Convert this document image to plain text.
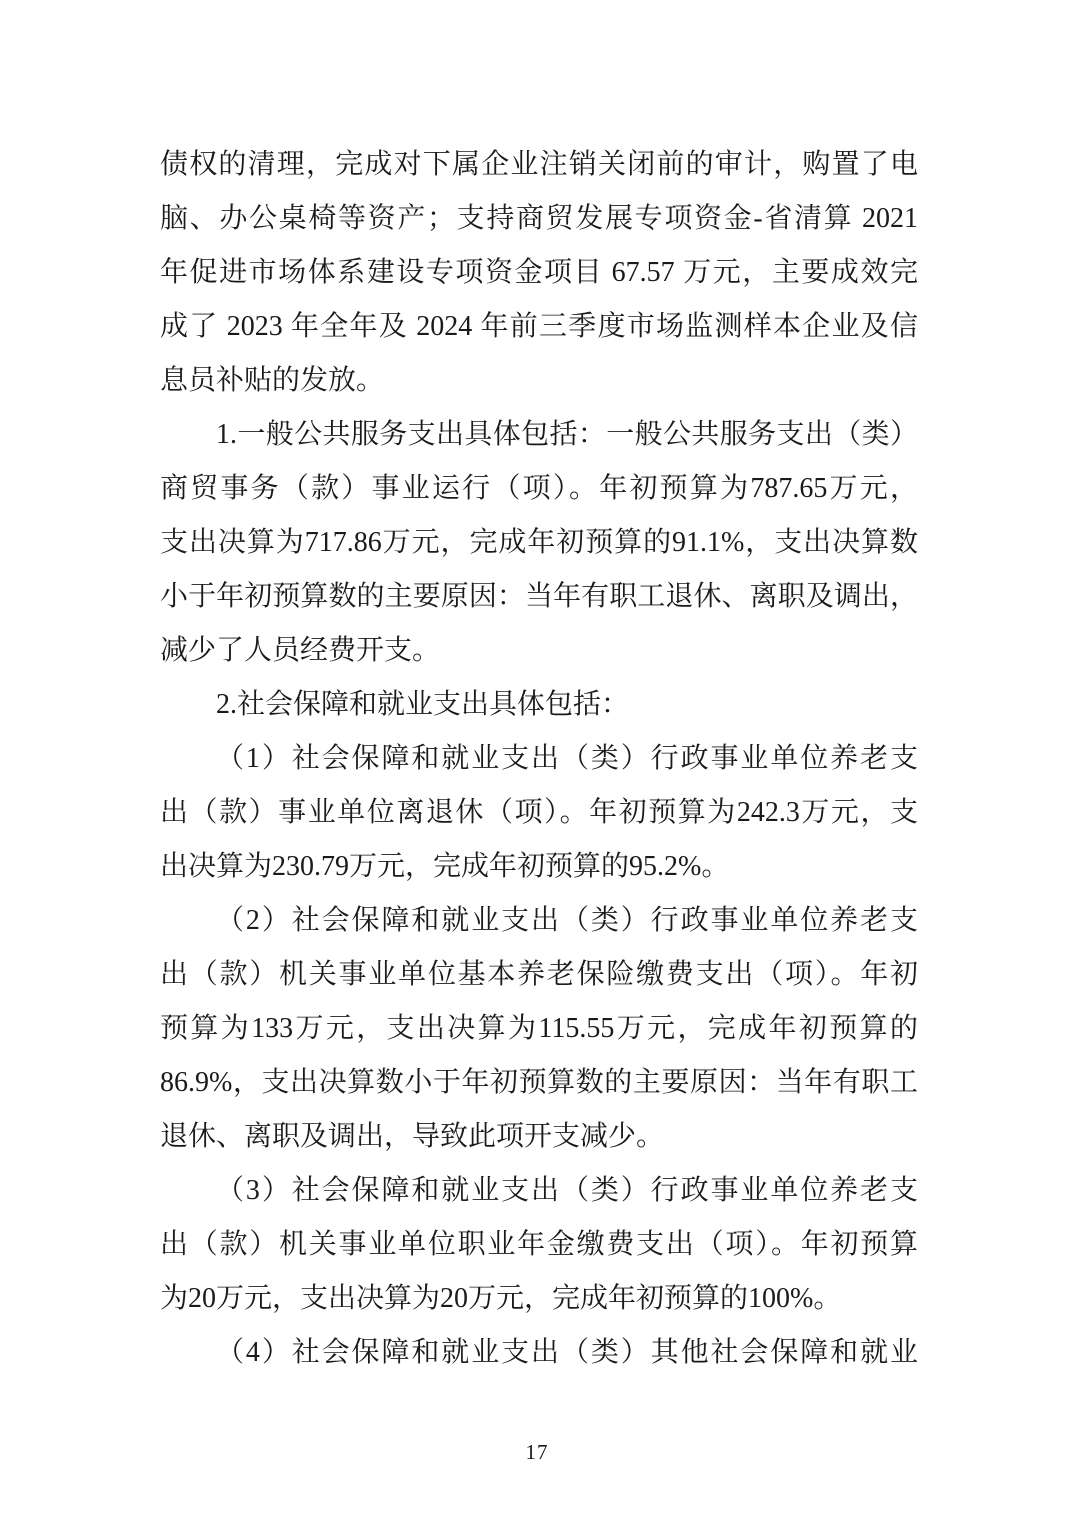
债权的清理，完成对下属企业注销关闭前的审计，购置了电
脑、办公桌椅等资产；支持商贸发展专项资金-省清算 2021
年促进市场体系建设专项资金项目 67.57 万元，主要成效完
成了 2023 年全年及 2024 年前三季度市场监测样本企业及信
息员补贴的发放。
1.一般公共服务支出具体包括：一般公共服务支出（类）
商贸事务（款）事业运行（项）。年初预算为787.65万元，
支出决算为717.86万元，完成年初预算的91.1%，支出决算数
小于年初预算数的主要原因：当年有职工退休、离职及调出，
减少了人员经费开支。
2.社会保障和就业支出具体包括：
（1）社会保障和就业支出（类）行政事业单位养老支
出（款）事业单位离退休（项）。年初预算为242.3万元，支
出决算为230.79万元，完成年初预算的95.2%。
（2）社会保障和就业支出（类）行政事业单位养老支
出（款）机关事业单位基本养老保险缴费支出（项）。年初
预算为133万元，支出决算为115.55万元，完成年初预算的
86.9%，支出决算数小于年初预算数的主要原因：当年有职工
退休、离职及调出，导致此项开支减少。
（3）社会保障和就业支出（类）行政事业单位养老支
出（款）机关事业单位职业年金缴费支出（项）。年初预算
为20万元，支出决算为20万元，完成年初预算的100%。
（4）社会保障和就业支出（类）其他社会保障和就业
17
